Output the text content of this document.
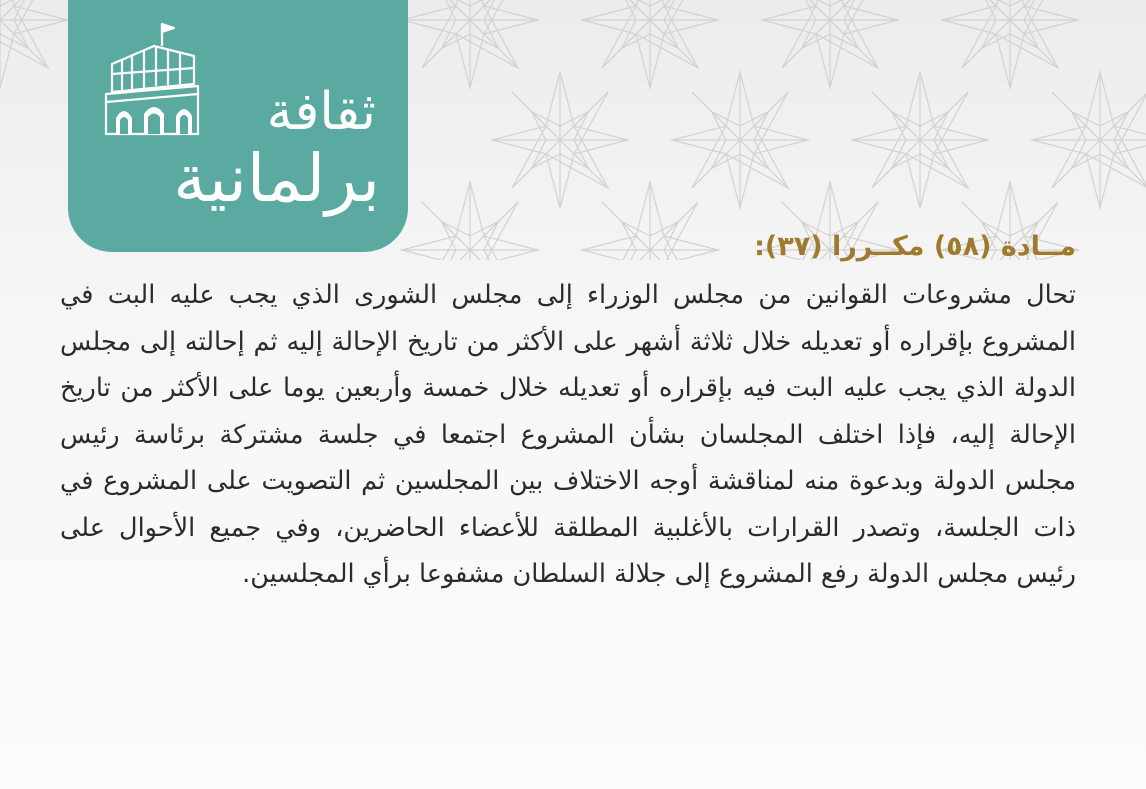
ثقافة
برلمانية
مــادة (٥٨) مكــررا (٣٧):
تحال مشروعات القوانين من مجلس الوزراء إلى مجلس الشورى الذي يجب عليه البت في المشروع بإقراره أو تعديله خلال ثلاثة أشهر على الأكثر من تاريخ الإحالة إليه ثم إحالته إلى مجلس الدولة الذي يجب عليه البت فيه بإقراره أو تعديله خلال خمسة وأربعين يوما على الأكثر من تاريخ الإحالة إليه، فإذا اختلف المجلسان بشأن المشروع اجتمعا في جلسة مشتركة برئاسة رئيس مجلس الدولة وبدعوة منه لمناقشة أوجه الاختلاف بين المجلسين ثم التصويت على المشروع في ذات الجلسة، وتصدر القرارات بالأغلبية المطلقة للأعضاء الحاضرين، وفي جميع الأحوال على رئيس مجلس الدولة رفع المشروع إلى جلالة السلطان مشفوعا برأي المجلسين.
